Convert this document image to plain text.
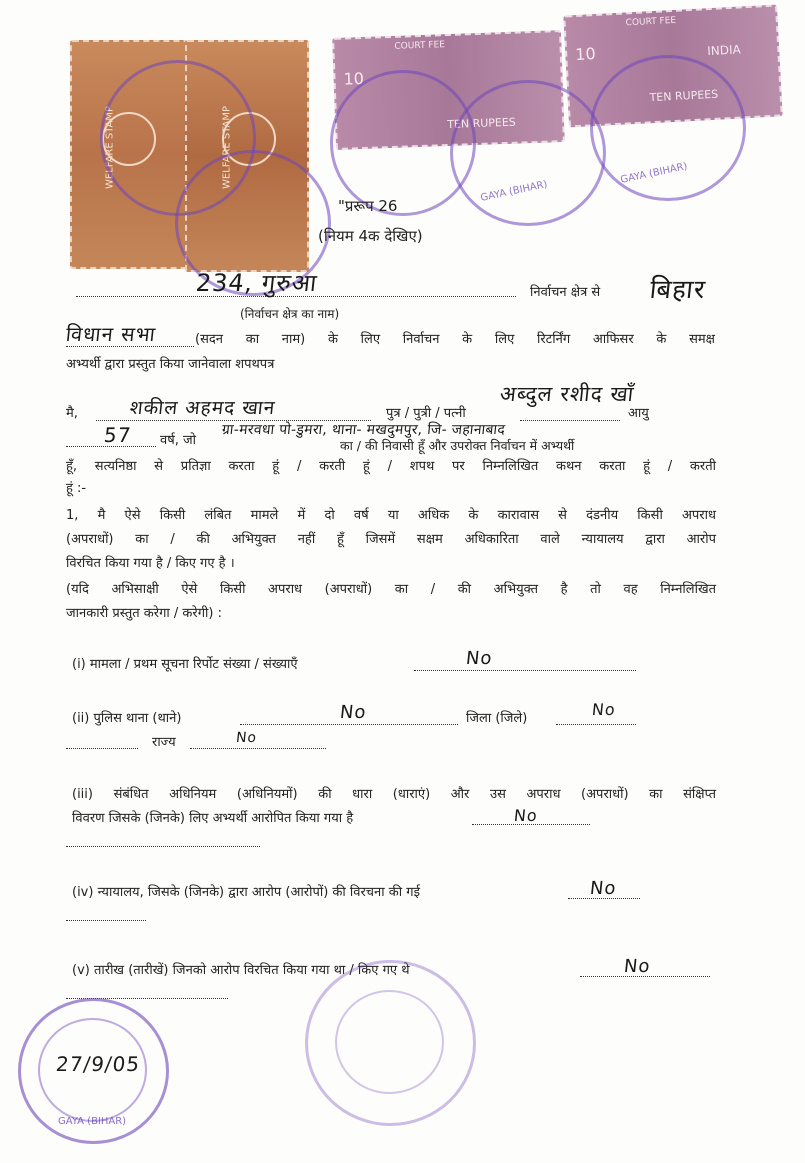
WELFARE STAMP	WELFARE STAMP
10
COURT FEE
TEN RUPEES
10
COURT FEE
INDIA
TEN RUPEES
GAYA (BIHAR)
GAYA (BIHAR)
"प्ररूप 26
(नियम 4क देखिए)
234, गुरुआ	निर्वाचन क्षेत्र से बिहार
(निर्वाचन क्षेत्र का नाम)
विधान सभा	(सदन का नाम) के लिए निर्वाचन के लिए रिटर्निंग आफिसर के समक्ष
अभ्यर्थी द्वारा प्रस्तुत किया जानेवाला शपथपत्र
मै,	शकील अहमद खान	पुत्र / पुत्री / पत्नी
अब्दुल रशीद खाँ
आयु
57 वर्ष, जो
ग्रा-मरवधा पो-डुमरा, थाना- मखदुमपुर, जि- जहानाबाद
का / की निवासी हूँ और उपरोक्त निर्वाचन में अभ्यर्थी
हूँ, सत्यनिष्ठा से प्रतिज्ञा करता हूं / करती हूं / शपथ पर निम्नलिखित कथन करता हूं / करती
हूं :-
1, मै ऐसे किसी लंबित मामले में दो वर्ष या अधिक के कारावास से दंडनीय किसी अपराध
(अपराधों) का / की अभियुक्त नहीं हूँ जिसमें सक्षम अधिकारिता वाले न्यायालय द्वारा आरोप
विरचित किया गया है / किए गए है ।
(यदि अभिसाक्षी ऐसे किसी अपराध (अपराधों) का / की अभियुक्त है तो वह निम्नलिखित
जानकारी प्रस्तुत करेगा / करेगी) :
(i) मामला / प्रथम सूचना रिर्पोट संख्या / संख्याएँ	No
(ii) पुलिस थाना (थाने)	No	जिला (जिले)	No
राज्य	No
(iii) संबंधित अधिनियम (अधिनियमों) की धारा (धाराएं) और उस अपराध (अपराधों) का संक्षिप्त
विवरण जिसके (जिनके) लिए अभ्यर्थी आरोपित किया गया है	No
(iv) न्यायालय, जिसके (जिनके) द्वारा आरोप (आरोपों) की विरचना की गई	No
(v) तारीख (तारीखें) जिनको आरोप विरचित किया गया था / किए गए थे	No
GAYA (BIHAR)
27/9/05
